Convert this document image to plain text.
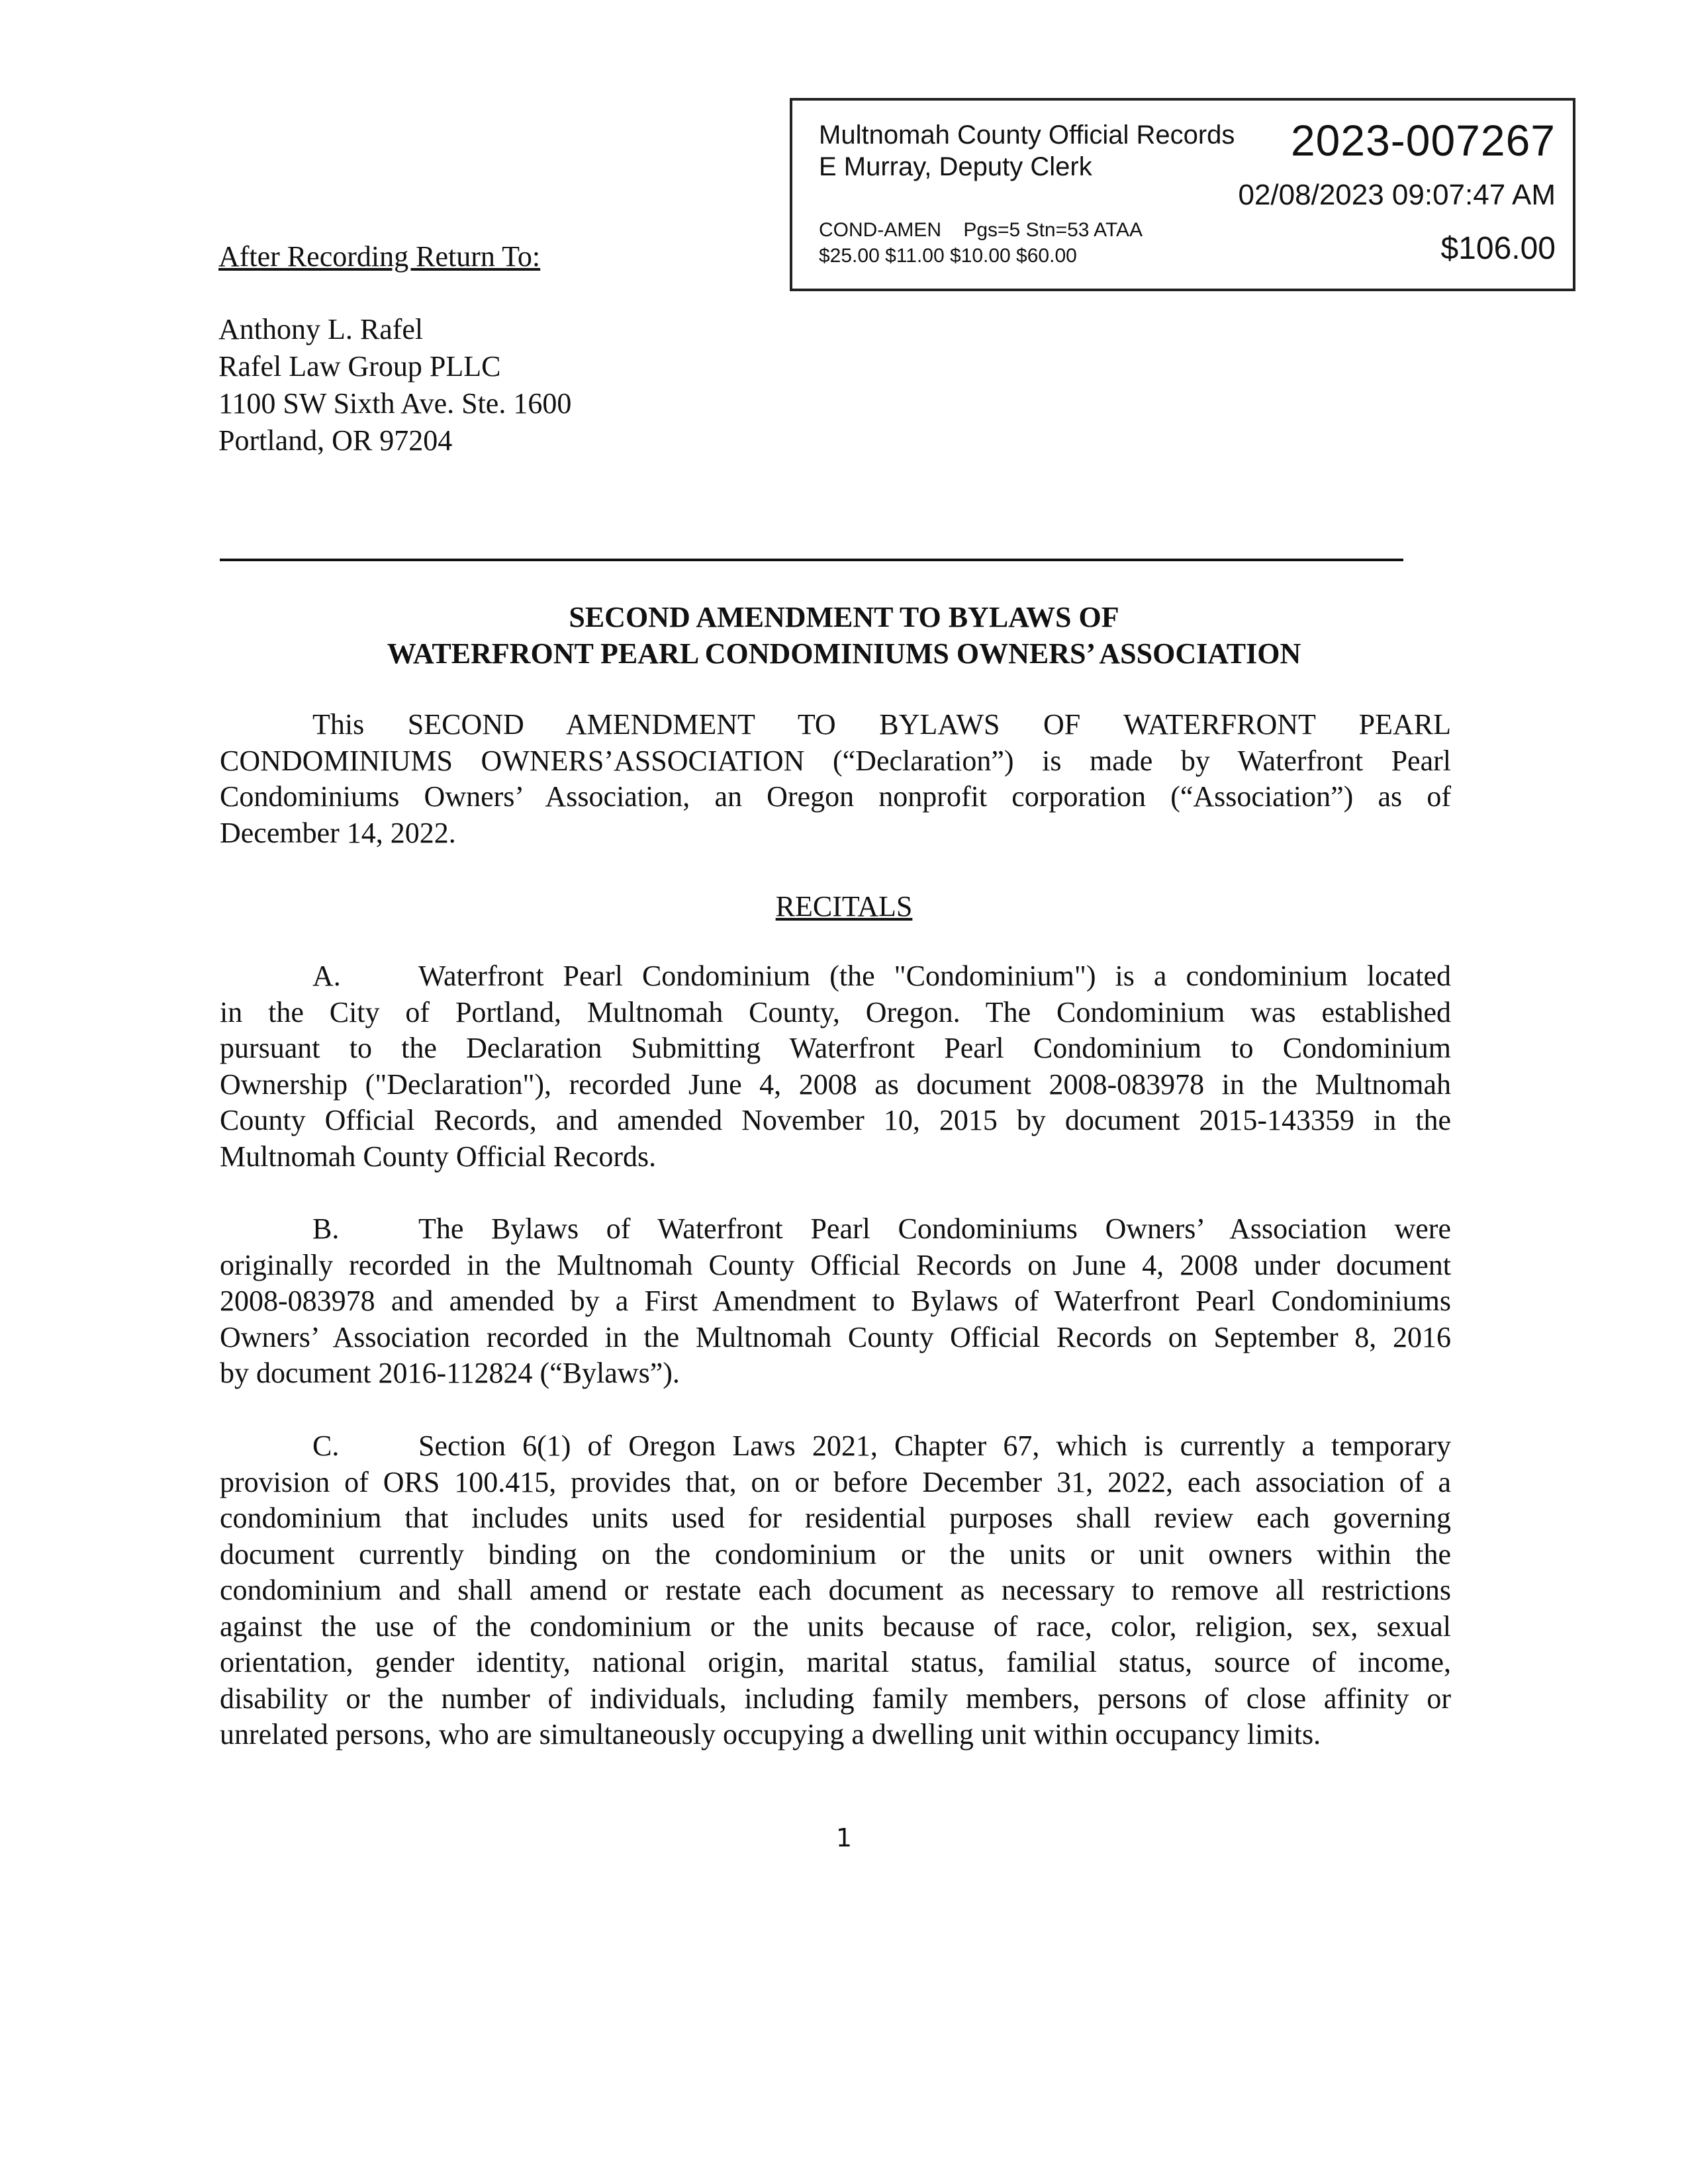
Multnomah County Official Records
E Murray, Deputy Clerk
2023-007267
02/08/2023 09:07:47 AM
COND-AMEN    Pgs=5 Stn=53 ATAA
$25.00 $11.00 $10.00 $60.00	$106.00
After Recording Return To:
Anthony L. Rafel
Rafel Law Group PLLC
1100 SW Sixth Ave. Ste. 1600
Portland, OR 97204
SECOND AMENDMENT TO BYLAWS OF
WATERFRONT PEARL CONDOMINIUMS OWNERS’ ASSOCIATION
This SECOND AMENDMENT TO BYLAWS OF WATERFRONT PEARL
CONDOMINIUMS OWNERS’ASSOCIATION (“Declaration”) is made by Waterfront Pearl
Condominiums Owners’ Association, an Oregon nonprofit corporation (“Association”) as of
December 14, 2022.
RECITALS
A.	Waterfront Pearl Condominium (the "Condominium") is a condominium located
in the City of Portland, Multnomah County, Oregon. The Condominium was established
pursuant to the Declaration Submitting Waterfront Pearl Condominium to Condominium
Ownership ("Declaration"), recorded June 4, 2008 as document 2008-083978 in the Multnomah
County Official Records, and amended November 10, 2015 by document 2015-143359 in the
Multnomah County Official Records.
B.	The Bylaws of Waterfront Pearl Condominiums Owners’ Association were
originally recorded in the Multnomah County Official Records on June 4, 2008 under document
2008-083978 and amended by a First Amendment to Bylaws of Waterfront Pearl Condominiums
Owners’ Association recorded in the Multnomah County Official Records on September 8, 2016
by document 2016-112824 (“Bylaws”).
C.	Section 6(1) of Oregon Laws 2021, Chapter 67, which is currently a temporary
provision of ORS 100.415, provides that, on or before December 31, 2022, each association of a
condominium that includes units used for residential purposes shall review each governing
document currently binding on the condominium or the units or unit owners within the
condominium and shall amend or restate each document as necessary to remove all restrictions
against the use of the condominium or the units because of race, color, religion, sex, sexual
orientation, gender identity, national origin, marital status, familial status, source of income,
disability or the number of individuals, including family members, persons of close affinity or
unrelated persons, who are simultaneously occupying a dwelling unit within occupancy limits.
1
